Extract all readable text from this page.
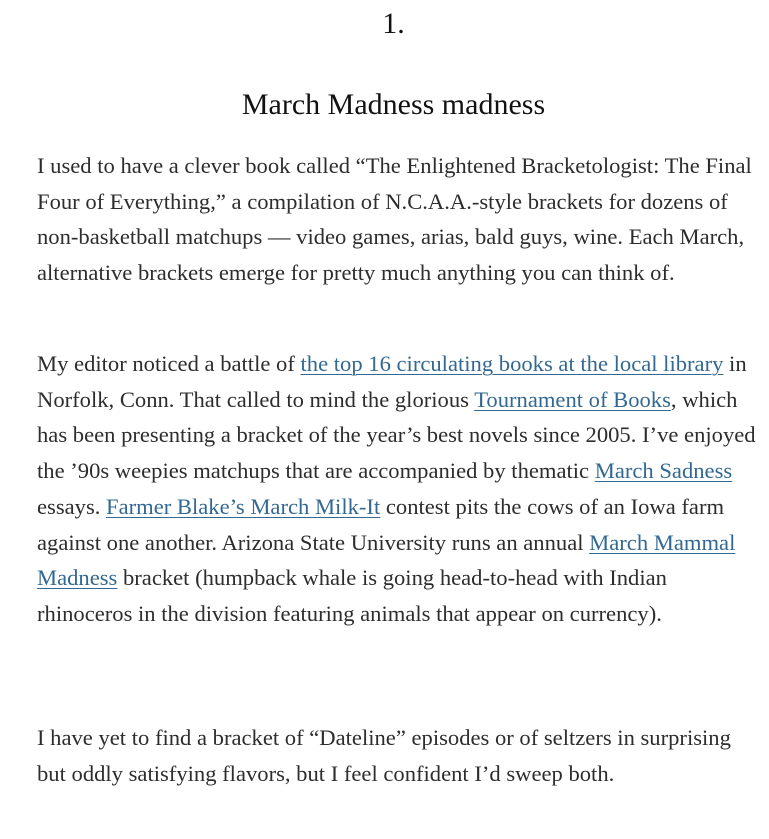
1.
March Madness madness

I used to have a clever book called “The Enlightened Bracketologist: The Final Four of Everything,” a compilation of N.C.A.A.-style brackets for dozens of non-basketball matchups — video games, arias, bald guys, wine. Each March, alternative brackets emerge for pretty much anything you can think of.

My editor noticed a battle of the top 16 circulating books at the local library in Norfolk, Conn. That called to mind the glorious Tournament of Books, which has been presenting a bracket of the year’s best novels since 2005. I’ve enjoyed the ’90s weepies matchups that are accompanied by thematic March Sadness essays. Farmer Blake’s March Milk-It contest pits the cows of an Iowa farm against one another. Arizona State University runs an annual March Mammal Madness bracket (humpback whale is going head-to-head with Indian rhinoceros in the division featuring animals that appear on currency).

I have yet to find a bracket of “Dateline” episodes or of seltzers in surprising but oddly satisfying flavors, but I feel confident I’d sweep both.
